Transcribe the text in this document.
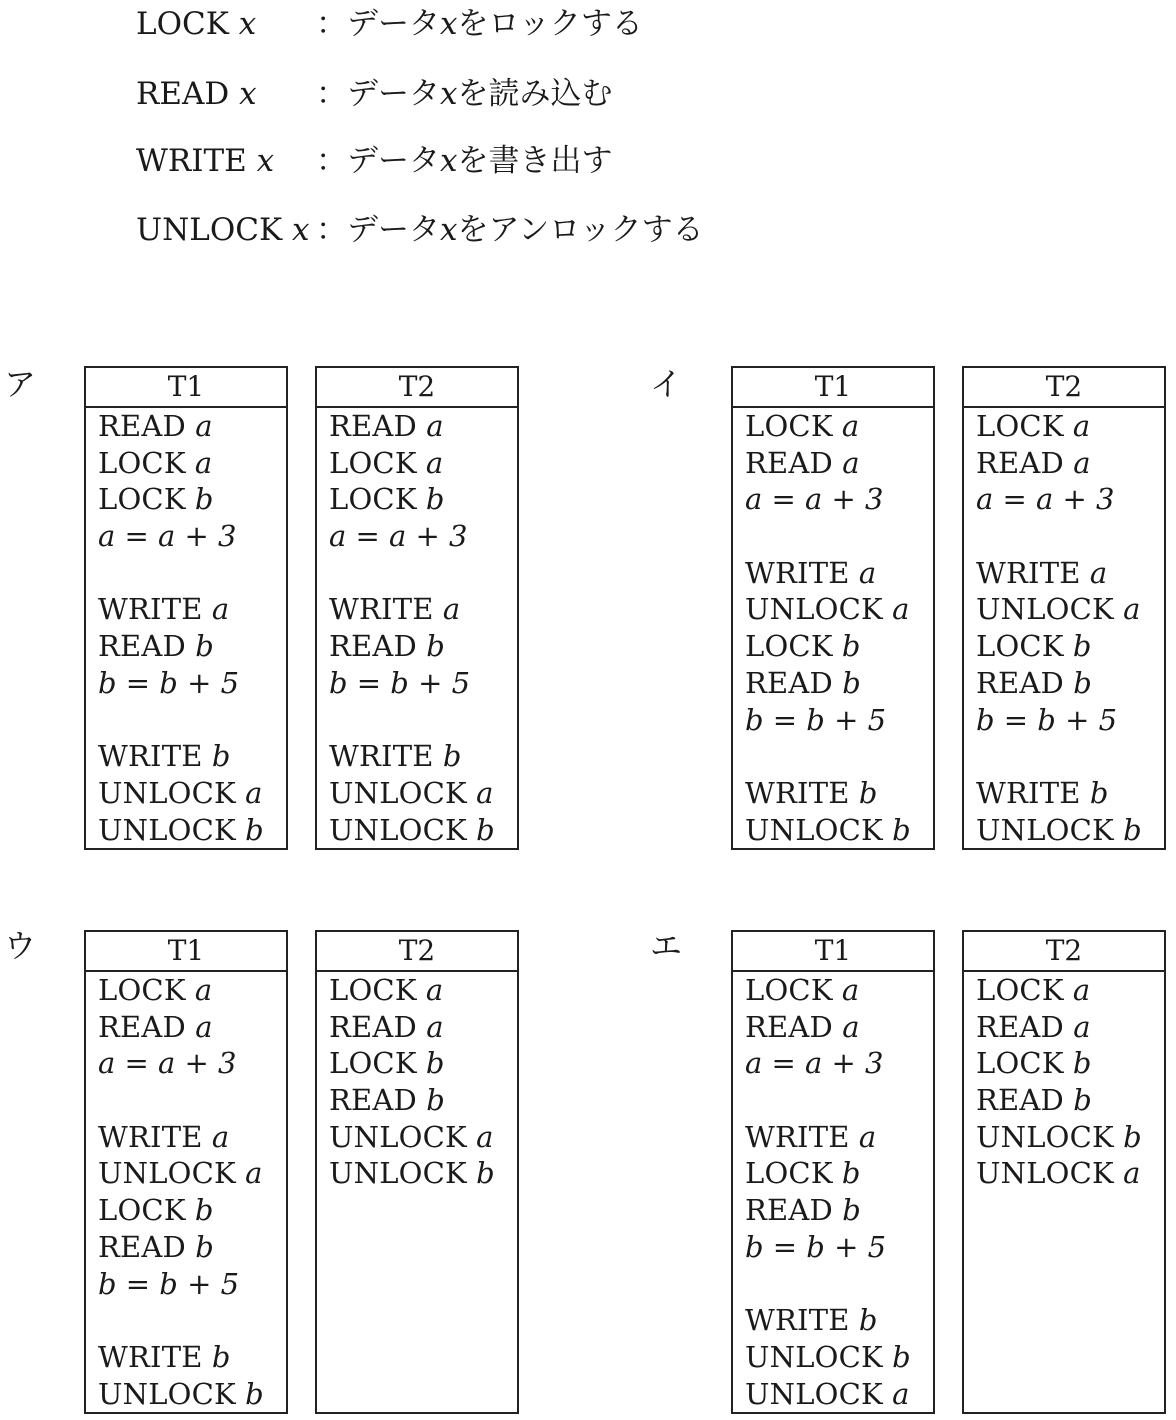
LOCK x ：データxをロックする
READ x ：データxを読み込む
WRITE x ：データxを書き出す
UNLOCK x ：データxをアンロックする
ア	イ
ウ	エ
T1
READ a
LOCK a
LOCK b
a = a + 3
WRITE a
READ b
b = b + 5
WRITE b
UNLOCK a
UNLOCK b
T2
READ a
LOCK a
LOCK b
a = a + 3
WRITE a
READ b
b = b + 5
WRITE b
UNLOCK a
UNLOCK b
T1
LOCK a
READ a
a = a + 3
WRITE a
UNLOCK a
LOCK b
READ b
b = b + 5
WRITE b
UNLOCK b
T2
LOCK a
READ a
a = a + 3
WRITE a
UNLOCK a
LOCK b
READ b
b = b + 5
WRITE b
UNLOCK b
T1
LOCK a
READ a
a = a + 3
WRITE a
UNLOCK a
LOCK b
READ b
b = b + 5
WRITE b
UNLOCK b
T2
LOCK a
READ a
LOCK b
READ b
UNLOCK a
UNLOCK b
T1
LOCK a
READ a
a = a + 3
WRITE a
LOCK b
READ b
b = b + 5
WRITE b
UNLOCK b
UNLOCK a
T2
LOCK a
READ a
LOCK b
READ b
UNLOCK b
UNLOCK a
